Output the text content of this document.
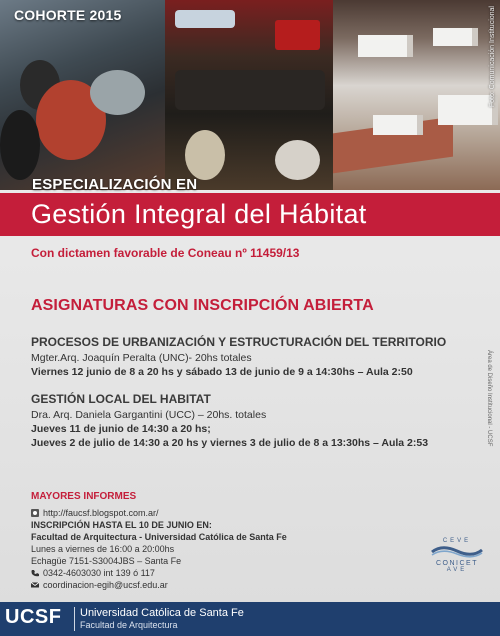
COHORTE 2015	Foto: Comunicación Institucional
ESPECIALIZACIÓN EN
Gestión Integral del Hábitat
Con dictamen favorable de Coneau nº 11459/13
ASIGNATURAS CON INSCRIPCIÓN ABIERTA
PROCESOS DE URBANIZACIÓN Y ESTRUCTURACIÓN DEL TERRITORIO
Mgter.Arq. Joaquín Peralta (UNC)- 20hs totales
Viernes 12 junio de 8 a 20 hs y sábado 13 de junio de 9 a 14:30hs – Aula 2:50
GESTIÓN LOCAL DEL HABITAT
Dra. Arq. Daniela Gargantini (UCC) – 20hs. totales
Jueves 11 de junio de 14:30 a 20 hs;
Jueves 2 de julio de 14:30 a 20 hs y viernes 3 de julio de 8 a 13:30hs – Aula 2:53	Área de Diseño Institucional - UCSF
MAYORES INFORMES
http://faucsf.blogspot.com.ar/
INSCRIPCIÓN HASTA EL 10 DE JUNIO EN:
Facultad de Arquitectura - Universidad Católica de Santa Fe
Lunes a viernes de 16:00 a 20:00hs
Echagüe 7151-S3004JBS – Santa Fe
0342-4603030 int 139 ó 117
coordinacion-egih@ucsf.edu.ar
CEVE
CONICET
AVE
UCSF Universidad Católica de Santa Fe
Facultad de Arquitectura
